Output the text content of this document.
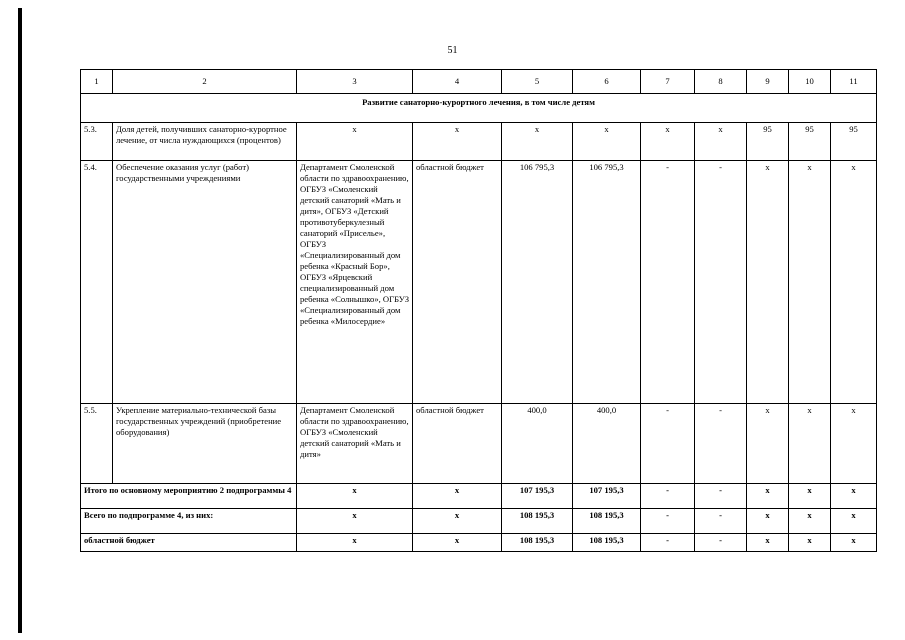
51
1	2	3	4	5	6	7	8	9	10	11
Развитие санаторно-курортного лечения, в том числе детям										
5.3.	Доля детей, получивших санаторно-курортное лечение, от числа нуждающихся (процентов)	х	х	х	х	х	х	95	95	95
5.4.	Обеспечение оказания услуг (работ) государственными учреждениями	Департамент Смоленской области по здравоохранению, ОГБУЗ «Смоленский детский санаторий «Мать и дитя», ОГБУЗ «Детский противотуберкулезный санаторий «Приселье», ОГБУЗ «Специализированный дом ребенка «Красный Бор», ОГБУЗ «Ярцевский специализированный дом ребенка «Солнышко», ОГБУЗ «Специализированный дом ребенка «Милосердие»	областной бюджет	106 795,3	106 795,3	-	-	х	х	х
5.5.	Укрепление материально-технической базы государственных учреждений (приобретение оборудования)	Департамент Смоленской области по здравоохранению, ОГБУЗ «Смоленский детский санаторий «Мать и дитя»	областной бюджет	400,0	400,0	-	-	х	х	х
Итого по основному мероприятию 2 подпрограммы 4		х	х	107 195,3	107 195,3	-	-	х	х	х
Всего по подпрограмме 4, из них:		х	х	108 195,3	108 195,3	-	-	х	х	х
областной бюджет		х	х	108 195,3	108 195,3	-	-	х	х	х
